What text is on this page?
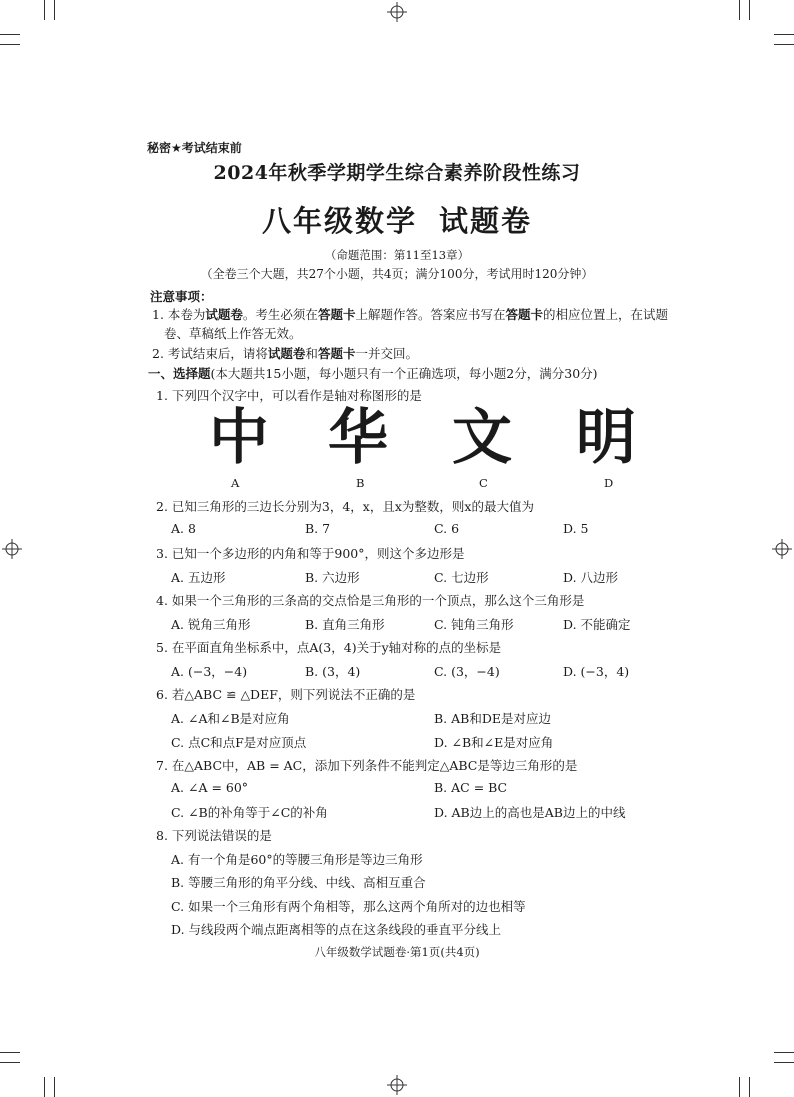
秘密★考试结束前
2024年秋季学期学生综合素养阶段性练习
八年级数学 试题卷
（命题范围：第11至13章）
（全卷三个大题，共27个小题，共4页；满分100分，考试用时120分钟）
注意事项：
1. 本卷为试题卷。考生必须在答题卡上解题作答。答案应书写在答题卡的相应位置上，在试题
卷、草稿纸上作答无效。
2. 考试结束后，请将试题卷和答题卡一并交回。
一、选择题(本大题共15小题，每小题只有一个正确选项，每小题2分，满分30分)
1. 下列四个汉字中，可以看作是轴对称图形的是
中 华 文 明
A	B	C	D
2. 已知三角形的三边长分别为3，4，x，且x为整数，则x的最大值为
A. 8	B. 7	C. 6	D. 5
3. 已知一个多边形的内角和等于900°，则这个多边形是
A. 五边形	B. 六边形	C. 七边形	D. 八边形
4. 如果一个三角形的三条高的交点恰是三角形的一个顶点，那么这个三角形是
A. 锐角三角形	B. 直角三角形	C. 钝角三角形	D. 不能确定
5. 在平面直角坐标系中，点A(3，4)关于y轴对称的点的坐标是
A. (−3，−4)	B. (3，4)	C. (3，−4)	D. (−3，4)
6. 若△ABC ≌ △DEF，则下列说法不正确的是
A. ∠A和∠B是对应角	B. AB和DE是对应边
C. 点C和点F是对应顶点	D. ∠B和∠E是对应角
7. 在△ABC中，AB = AC，添加下列条件不能判定△ABC是等边三角形的是
A. ∠A = 60°	B. AC = BC
C. ∠B的补角等于∠C的补角	D. AB边上的高也是AB边上的中线
8. 下列说法错误的是
A. 有一个角是60°的等腰三角形是等边三角形
B. 等腰三角形的角平分线、中线、高相互重合
C. 如果一个三角形有两个角相等，那么这两个角所对的边也相等
D. 与线段两个端点距离相等的点在这条线段的垂直平分线上
八年级数学试题卷·第1页(共4页)
